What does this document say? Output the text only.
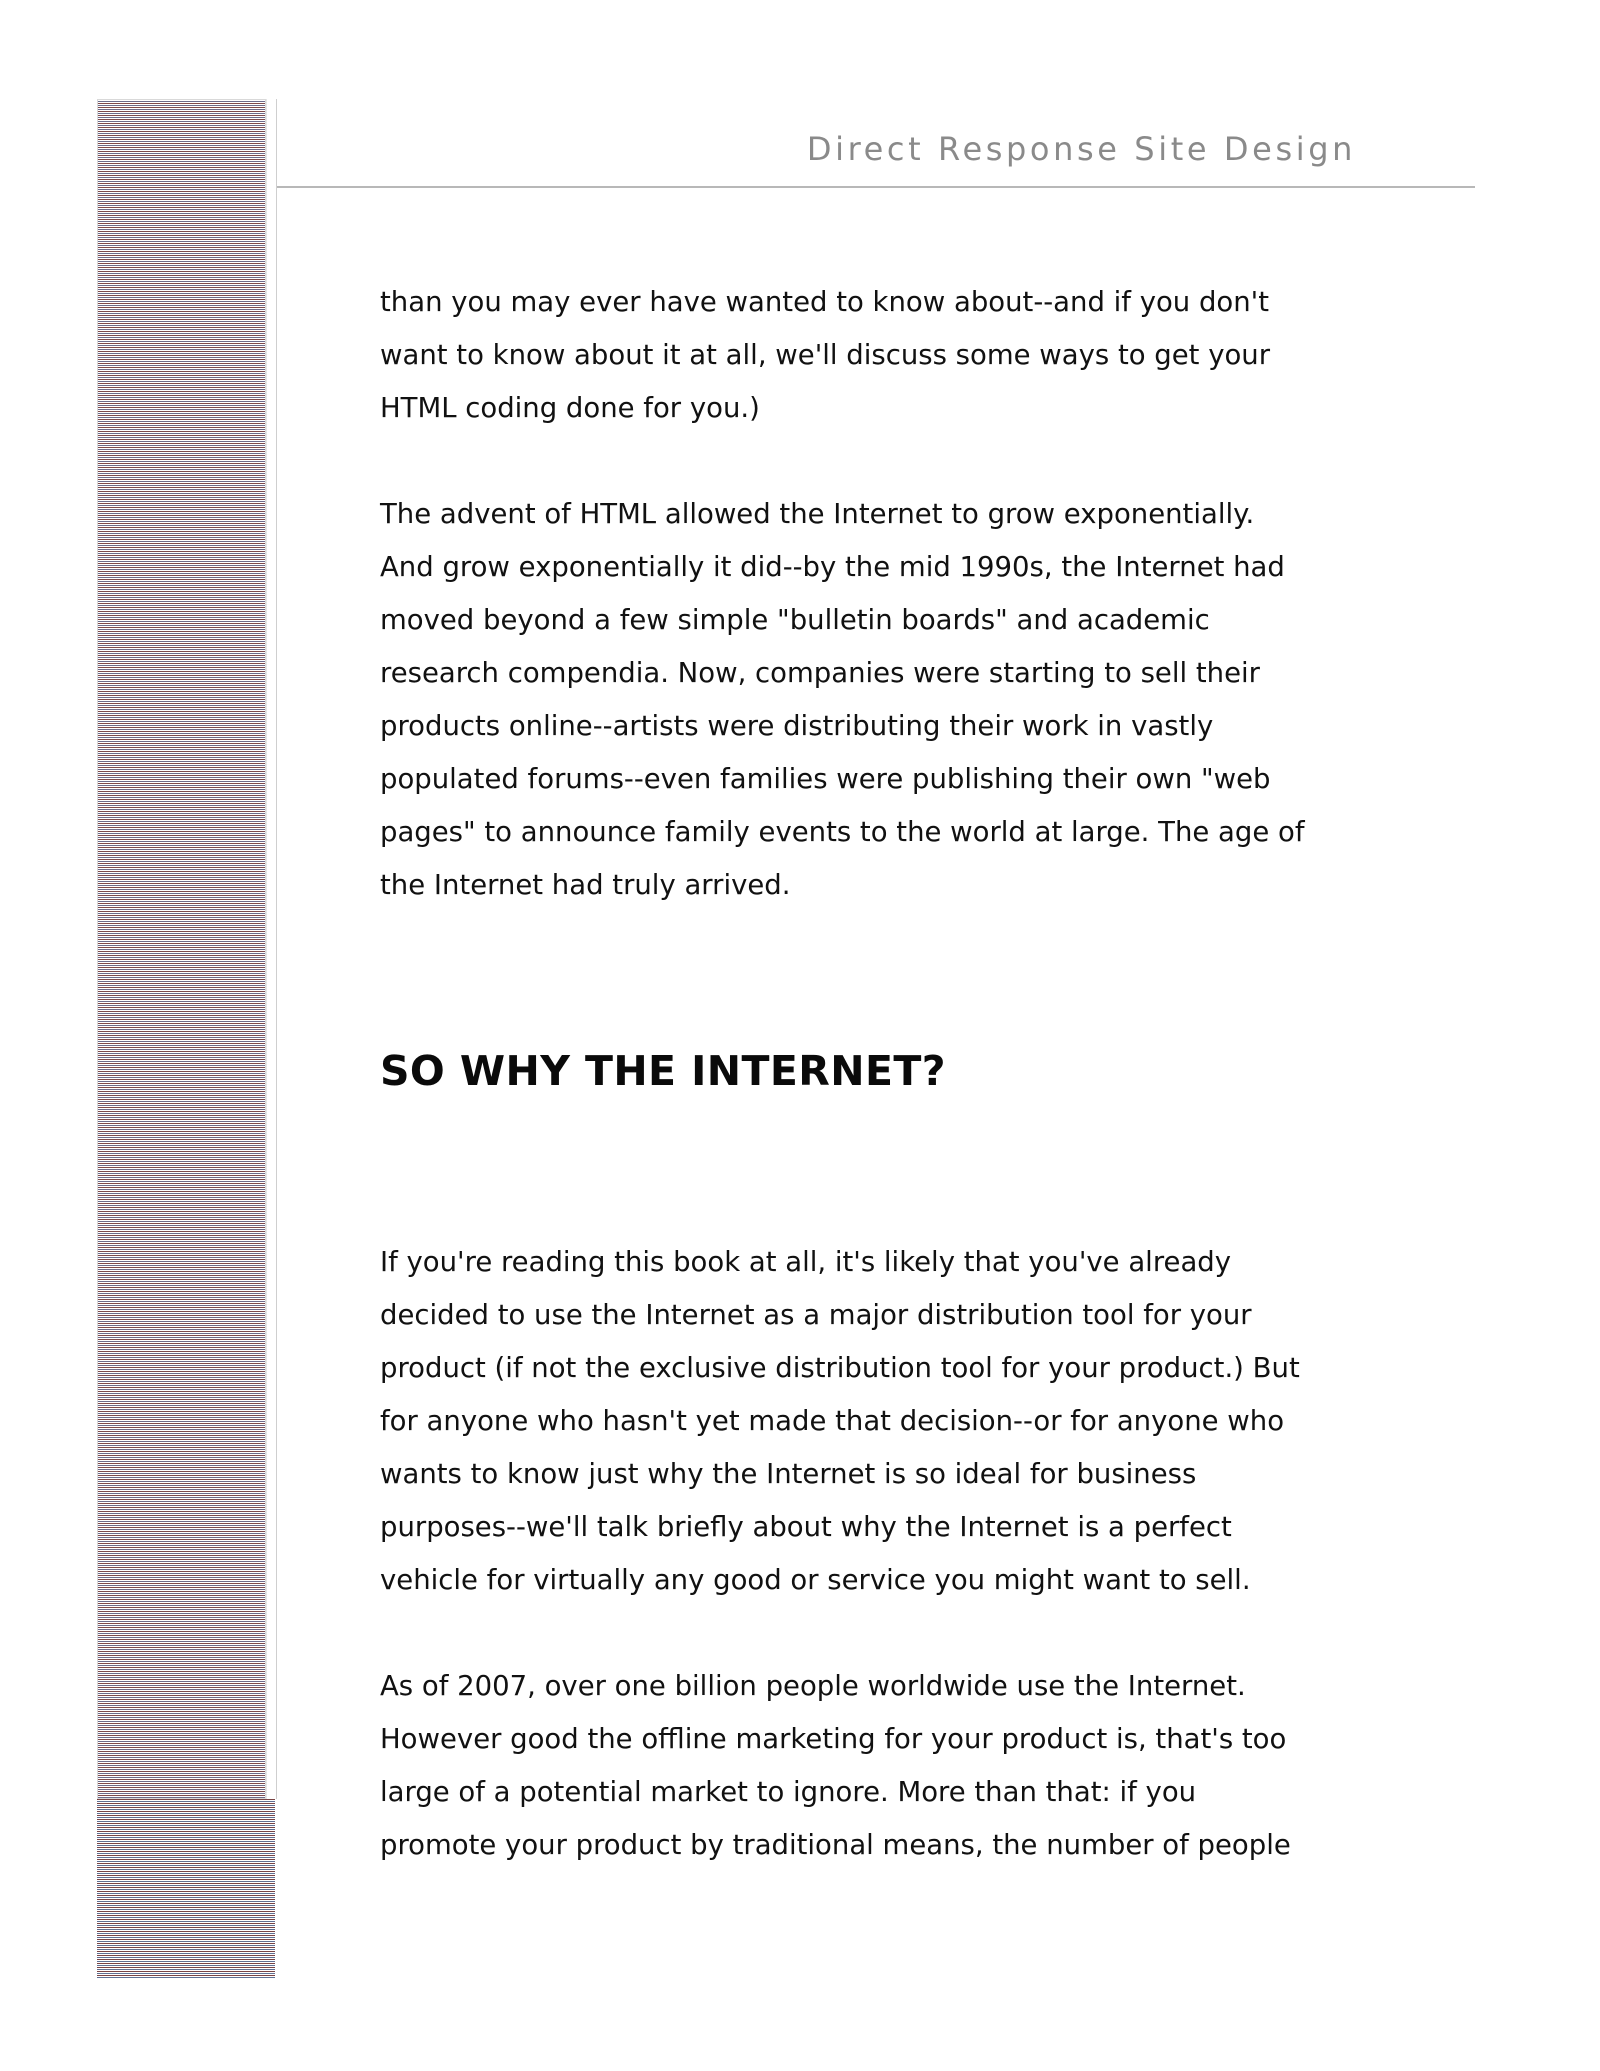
Direct Response Site Design

than you may ever have wanted to know about--and if you don't
want to know about it at all, we'll discuss some ways to get your
HTML coding done for you.)

The advent of HTML allowed the Internet to grow exponentially.
And grow exponentially it did--by the mid 1990s, the Internet had
moved beyond a few simple "bulletin boards" and academic
research compendia. Now, companies were starting to sell their
products online--artists were distributing their work in vastly
populated forums--even families were publishing their own "web
pages" to announce family events to the world at large. The age of
the Internet had truly arrived.

SO WHY THE INTERNET?

If you're reading this book at all, it's likely that you've already
decided to use the Internet as a major distribution tool for your
product (if not the exclusive distribution tool for your product.) But
for anyone who hasn't yet made that decision--or for anyone who
wants to know just why the Internet is so ideal for business
purposes--we'll talk briefly about why the Internet is a perfect
vehicle for virtually any good or service you might want to sell.

As of 2007, over one billion people worldwide use the Internet.
However good the offline marketing for your product is, that's too
large of a potential market to ignore. More than that: if you
promote your product by traditional means, the number of people
